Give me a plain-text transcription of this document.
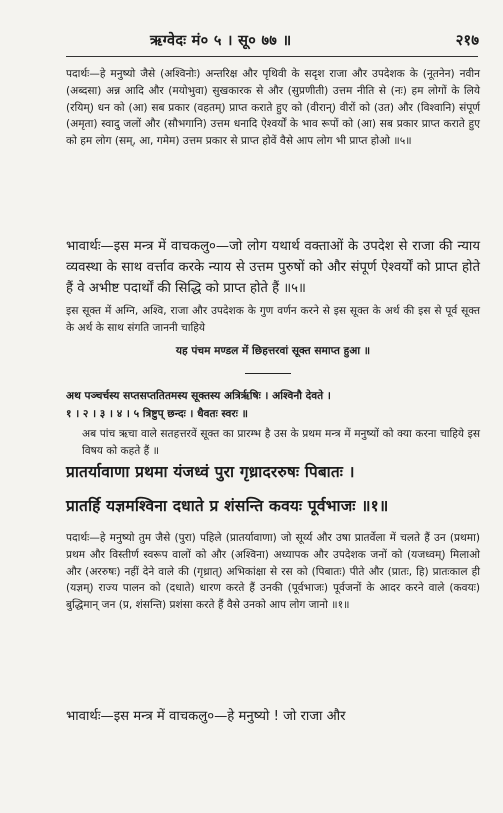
ऋग्वेदः मं० ५ । सू० ७७ ॥	२१७
पदार्थः—हे मनुष्यो जैसे (अश्विनोः) अन्तरिक्ष और पृथिवी के सदृश राजा और उपदेशक के (नूतनेन) नवीन (अब्दसा) अन्न आदि और (मयोभुवा) सुखकारक से और (सुप्रणीती) उत्तम नीति से (नः) हम लोगों के लिये (रयिम्) धन को (आ) सब प्रकार (वहतम्) प्राप्त कराते हुए को (वीरान्) वीरों को (उत) और (विश्वानि) संपूर्ण (अमृता) स्वादु जलों और (सौभगानि) उत्तम धनादि ऐश्वर्यों के भाव रूपों को (आ) सब प्रकार प्राप्त कराते हुए को हम लोग (सम्, आ, गमेम) उत्तम प्रकार से प्राप्त होवें वैसे आप लोग भी प्राप्त होओ ॥५॥
भावार्थः—इस मन्त्र में वाचकलु०—जो लोग यथार्थ वक्ताओं के उपदेश से राजा की न्याय व्यवस्था के साथ वर्त्ताव करके न्याय से उत्तम पुरुषों को और संपूर्ण ऐश्वर्यों को प्राप्त होते हैं वे अभीष्ट पदार्थों की सिद्धि को प्राप्त होते हैं ॥५॥
इस सूक्त में अग्नि, अश्वि, राजा और उपदेशक के गुण वर्णन करने से इस सूक्त के अर्थ की इस से पूर्व सूक्त के अर्थ के साथ संगति जाननी चाहिये
यह पंचम मण्डल में छिहत्तरवां सूक्त समाप्त हुआ ॥
अथ पञ्चर्चस्य सप्तसप्ततितमस्य सूक्तस्य अत्रिर्ऋषिः । अश्विनौ देवते ।
१ । २ । ३ । ४ । ५ त्रिष्टुप् छन्दः । धैवतः स्वरः ॥
अब पांच ऋचा वाले सतहत्तरवें सूक्त का प्रारम्भ है उस के प्रथम मन्त्र में मनुष्यों को क्या करना चाहिये इस विषय को कहते हैं ॥
प्रातर्यावाणा प्रथमा यंजध्वं पुरा गृध्रादररुषः पिबातः ।
प्रातर्हि यज्ञमश्विना दधाते प्र शंसन्ति कवयः पूर्वभाजः ॥१॥
पदार्थः—हे मनुष्यो तुम जैसे (पुरा) पहिले (प्रातर्यावाणा) जो सूर्य्य और उषा प्रातर्वेला में चलते हैं उन (प्रथमा) प्रथम और विस्तीर्ण स्वरूप वालों को और (अश्विना) अध्यापक और उपदेशक जनों को (यजध्वम्) मिलाओ और (अररुषः) नहीं देने वाले की (गृध्रात्) अभिकांक्षा से रस को (पिबातः) पीते और (प्रातः, हि) प्रातःकाल ही (यज्ञम्) राज्य पालन को (दधाते) धारण करते हैं उनकी (पूर्वभाजः) पूर्वजनों के आदर करने वाले (कवयः) बुद्धिमान् जन (प्र, शंसन्ति) प्रशंसा करते हैं वैसे उनको आप लोग जानो ॥१॥
भावार्थः—इस मन्त्र में वाचकलु०—हे मनुष्यो ! जो राजा और
